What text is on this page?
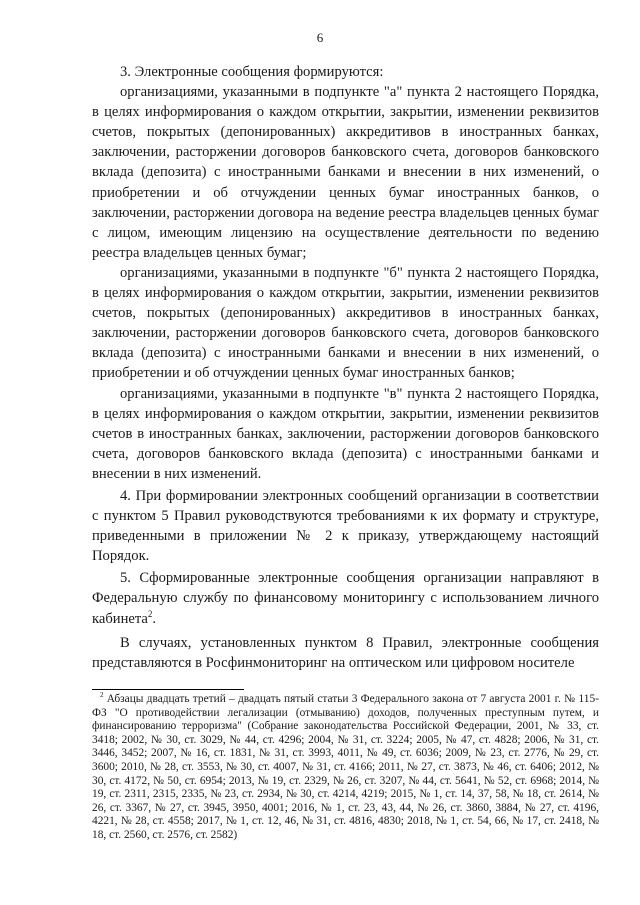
6

3. Электронные сообщения формируются:

организациями, указанными в подпункте "а" пункта 2 настоящего Порядка, в целях информирования о каждом открытии, закрытии, изменении реквизитов счетов, покрытых (депонированных) аккредитивов в иностранных банках, заключении, расторжении договоров банковского счета, договоров банковского вклада (депозита) с иностранными банками и внесении в них изменений, о приобретении и об отчуждении ценных бумаг иностранных банков, о заключении, расторжении договора на ведение реестра владельцев ценных бумаг с лицом, имеющим лицензию на осуществление деятельности по ведению реестра владельцев ценных бумаг;

организациями, указанными в подпункте "б" пункта 2 настоящего Порядка, в целях информирования о каждом открытии, закрытии, изменении реквизитов счетов, покрытых (депонированных) аккредитивов в иностранных банках, заключении, расторжении договоров банковского счета, договоров банковского вклада (депозита) с иностранными банками и внесении в них изменений, о приобретении и об отчуждении ценных бумаг иностранных банков;

организациями, указанными в подпункте "в" пункта 2 настоящего Порядка, в целях информирования о каждом открытии, закрытии, изменении реквизитов счетов в иностранных банках, заключении, расторжении договоров банковского счета, договоров банковского вклада (депозита) с иностранными банками и внесении в них изменений.

4. При формировании электронных сообщений организации в соответствии с пунктом 5 Правил руководствуются требованиями к их формату и структуре, приведенными в приложении № 2 к приказу, утверждающему настоящий Порядок.

5. Сформированные электронные сообщения организации направляют в Федеральную службу по финансовому мониторингу с использованием личного кабинета$^2$.

В случаях, установленных пунктом 8 Правил, электронные сообщения представляются в Росфинмониторинг на оптическом или цифровом носителе

$^2$ Абзацы двадцать третий – двадцать пятый статьи 3 Федерального закона от 7 августа 2001 г. № 115-ФЗ "О противодействии легализации (отмыванию) доходов, полученных преступным путем, и финансированию терроризма" (Собрание законодательства Российской Федерации, 2001, № 33, ст. 3418; 2002, № 30, ст. 3029, № 44, ст. 4296; 2004, № 31, ст. 3224; 2005, № 47, ст. 4828; 2006, № 31, ст. 3446, 3452; 2007, № 16, ст. 1831, № 31, ст. 3993, 4011, № 49, ст. 6036; 2009, № 23, ст. 2776, № 29, ст. 3600; 2010, № 28, ст. 3553, № 30, ст. 4007, № 31, ст. 4166; 2011, № 27, ст. 3873, № 46, ст. 6406; 2012, № 30, ст. 4172, № 50, ст. 6954; 2013, № 19, ст. 2329, № 26, ст. 3207, № 44, ст. 5641, № 52, ст. 6968; 2014, № 19, ст. 2311, 2315, 2335, № 23, ст. 2934, № 30, ст. 4214, 4219; 2015, № 1, ст. 14, 37, 58, № 18, ст. 2614, № 26, ст. 3367, № 27, ст. 3945, 3950, 4001; 2016, № 1, ст. 23, 43, 44, № 26, ст. 3860, 3884, № 27, ст. 4196, 4221, № 28, ст. 4558; 2017, № 1, ст. 12, 46, № 31, ст. 4816, 4830; 2018, № 1, ст. 54, 66, № 17, ст. 2418, № 18, ст. 2560, ст. 2576, ст. 2582)
